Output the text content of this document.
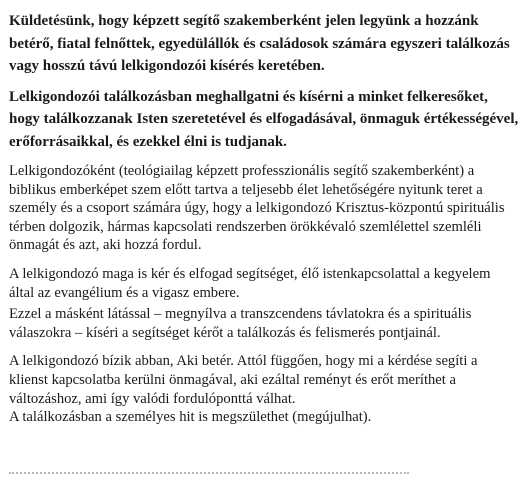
Küldetésünk, hogy képzett segítő szakemberként jelen legyünk a hozzánk betérő, fiatal felnőttek, egyedülállók és családosok számára egyszeri találkozás vagy hosszú távú lelkigondozói kísérés keretében.

Lelkigondozói találkozásban meghallgatni és kísérni a minket felkeresőket, hogy találkozzanak Isten szeretetével és elfogadásával, önmaguk értékességével, erőforrásaikkal, és ezekkel élni is tudjanak.

Lelkigondozóként (teológiailag képzett professzionális segítő szakemberként) a biblikus emberképet szem előtt tartva a teljesebb élet lehetőségére nyitunk teret a személy és a csoport számára úgy, hogy a lelkigondozó Krisztus-központú spirituális térben dolgozik, hármas kapcsolati rendszerben örökkévaló szemlélettel szemléli önmagát és azt, aki hozzá fordul.

A lelkigondozó maga is kér és elfogad segítséget, élő istenkapcsolattal a kegyelem által az evangélium és a vigasz embere.

Ezzel a másként látással – megnyílva a transzcendens távlatokra és a spirituális válaszokra – kíséri a segítséget kérőt a találkozás és felismerés pontjainál.

A lelkigondozó bízik abban, Aki betér. Attól függően, hogy mi a kérdése segíti a klienst kapcsolatba kerülni önmagával, aki ezáltal reményt és erőt meríthet a változáshoz, ami így valódi fordulóponttá válhat.

A találkozásban a személyes hit is megszülethet (megújulhat).
